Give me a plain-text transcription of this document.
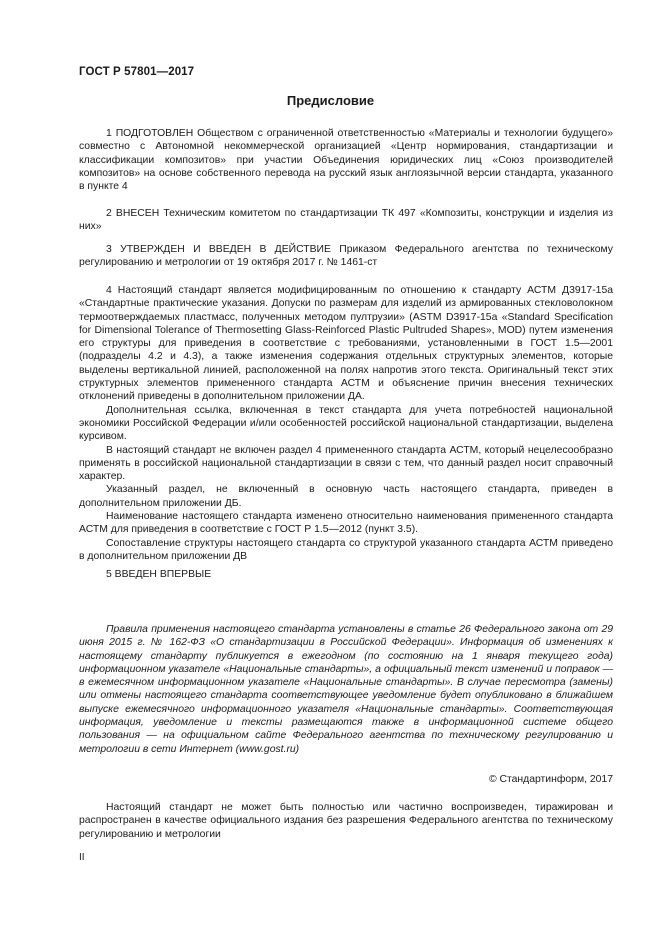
ГОСТ Р 57801—2017
Предисловие

1 ПОДГОТОВЛЕН Обществом с ограниченной ответственностью «Материалы и технологии будущего» совместно с Автономной некоммерческой организацией «Центр нормирования, стандартизации и классификации композитов» при участии Объединения юридических лиц «Союз производителей композитов» на основе собственного перевода на русский язык англоязычной версии стандарта, указанного в пункте 4

2 ВНЕСЕН Техническим комитетом по стандартизации ТК 497 «Композиты, конструкции и изделия из них»

3 УТВЕРЖДЕН И ВВЕДЕН В ДЕЙСТВИЕ Приказом Федерального агентства по техническому регулированию и метрологии от 19 октября 2017 г. № 1461-ст

4 Настоящий стандарт является модифицированным по отношению к стандарту АСТМ Д3917-15а «Стандартные практические указания. Допуски по размерам для изделий из армированных стекловолокном термоотверждаемых пластмасс, полученных методом пултрузии» (ASTM D3917-15a «Standard Specification for Dimensional Tolerance of Thermosetting Glass-Reinforced Plastic Pultruded Shapes», MOD) путем изменения его структуры для приведения в соответствие с требованиями, установленными в ГОСТ 1.5—2001 (подразделы 4.2 и 4.3), а также изменения содержания отдельных структурных элементов, которые выделены вертикальной линией, расположенной на полях напротив этого текста. Оригинальный текст этих структурных элементов примененного стандарта АСТМ и объяснение причин внесения технических отклонений приведены в дополнительном приложении ДА.

Дополнительная ссылка, включенная в текст стандарта для учета потребностей национальной экономики Российской Федерации и/или особенностей российской национальной стандартизации, выделена курсивом.

В настоящий стандарт не включен раздел 4 примененного стандарта АСТМ, который нецелесообразно применять в российской национальной стандартизации в связи с тем, что данный раздел носит справочный характер.

Указанный раздел, не включенный в основную часть настоящего стандарта, приведен в дополнительном приложении ДБ.

Наименование настоящего стандарта изменено относительно наименования примененного стандарта АСТМ для приведения в соответствие с ГОСТ Р 1.5—2012 (пункт 3.5).

Сопоставление структуры настоящего стандарта со структурой указанного стандарта АСТМ приведено в дополнительном приложении ДВ

5 ВВЕДЕН ВПЕРВЫЕ

Правила применения настоящего стандарта установлены в статье 26 Федерального закона от 29 июня 2015 г. № 162-ФЗ «О стандартизации в Российской Федерации». Информация об изменениях к настоящему стандарту публикуется в ежегодном (по состоянию на 1 января текущего года) информационном указателе «Национальные стандарты», а официальный текст изменений и поправок — в ежемесячном информационном указателе «Национальные стандарты». В случае пересмотра (замены) или отмены настоящего стандарта соответствующее уведомление будет опубликовано в ближайшем выпуске ежемесячного информационного указателя «Национальные стандарты». Соответствующая информация, уведомление и тексты размещаются также в информационной системе общего пользования — на официальном сайте Федерального агентства по техническому регулированию и метрологии в сети Интернет (www.gost.ru)

© Стандартинформ, 2017

Настоящий стандарт не может быть полностью или частично воспроизведен, тиражирован и распространен в качестве официального издания без разрешения Федерального агентства по техническому регулированию и метрологии

II
